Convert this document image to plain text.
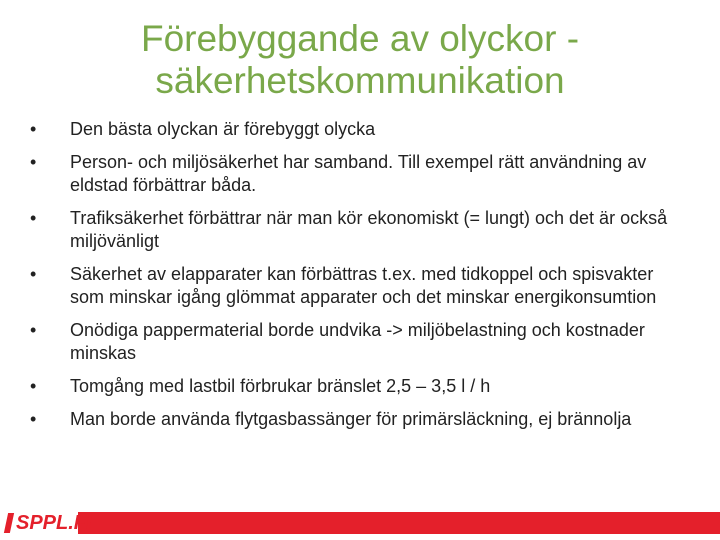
Förebyggande av olyckor -
säkerhetskommunikation
•	Den bästa olyckan är förebyggt olycka
•	Person- och miljösäkerhet har samband. Till exempel rätt användning av eldstad förbättrar båda.
•	Trafiksäkerhet förbättrar när man kör ekonomiskt (= lungt) och det är också miljövänligt
•	Säkerhet av elapparater kan förbättras t.ex. med tidkoppel och spisvakter som minskar igång glömmat apparater och det minskar energikonsumtion
•	Onödiga pappermaterial borde undvika -> miljöbelastning och kostnader minskas
•	Tomgång med lastbil förbrukar bränslet 2,5 – 3,5 l / h
•	Man borde använda flytgasbassänger för primärsläckning, ej brännolja
SPPL.FI
